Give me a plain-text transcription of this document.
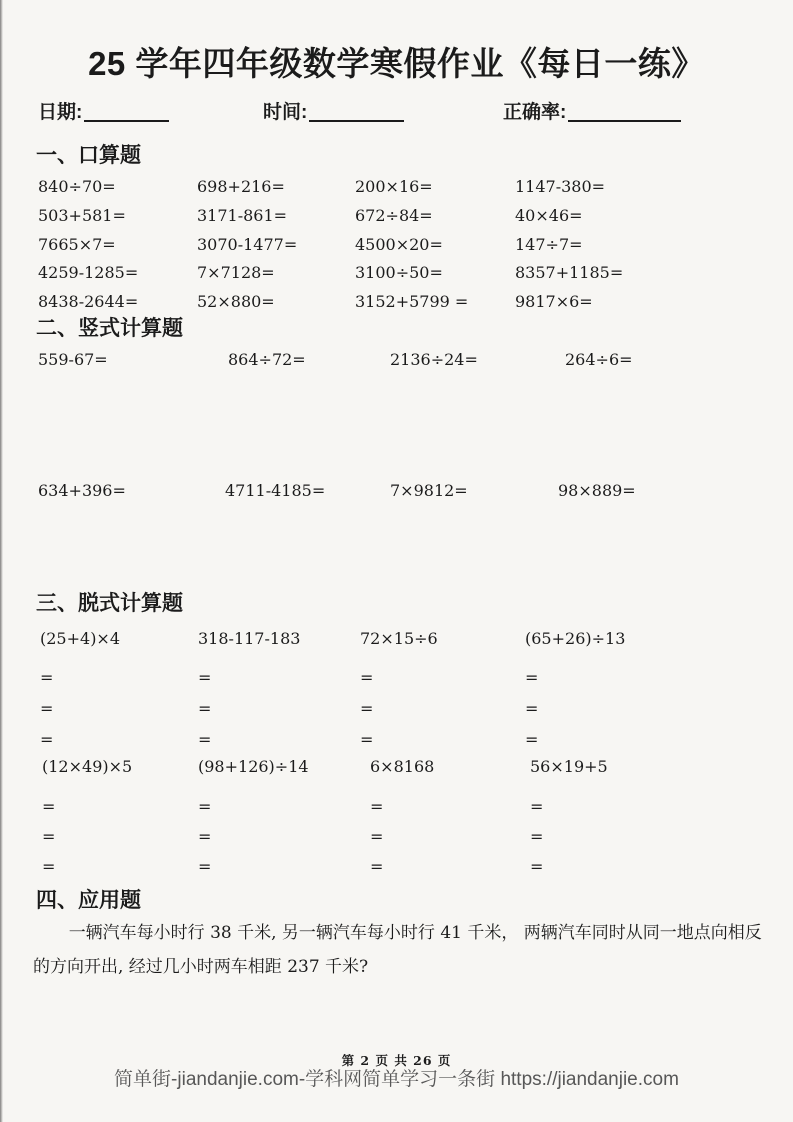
25 学年四年级数学寒假作业《每日一练》
日期:	时间:	正确率:
一、口算题
840÷70=	698+216=	200×16=	1147-380=
503+581=	3171-861=	672÷84=	40×46=
7665×7=	3070-1477=	4500×20=	147÷7=
4259-1285=	7×7128=	3100÷50=	8357+1185=
8438-2644=	52×880=	3152+5799 =	9817×6=
二、竖式计算题
559-67=	864÷72=	2136÷24=	264÷6=
634+396=	4711-4185=	7×9812=	98×889=
三、脱式计算题
(25+4)×4	318-117-183	72×15÷6	(65+26)÷13
=	=	=	=
=	=	=	=
=	=	=	=
(12×49)×5	(98+126)÷14	6×8168	56×19+5
=	=	=	=
=	=	=	=
=	=	=	=
四、应用题

一辆汽车每小时行 38 千米, 另一辆汽车每小时行 41 千米， 两辆汽车同时从同一地点向相反的方向开出, 经过几小时两车相距 237 千米?

第 2 页 共 26 页
简单街-jiandanjie.com-学科网简单学习一条街 https://jiandanjie.com
